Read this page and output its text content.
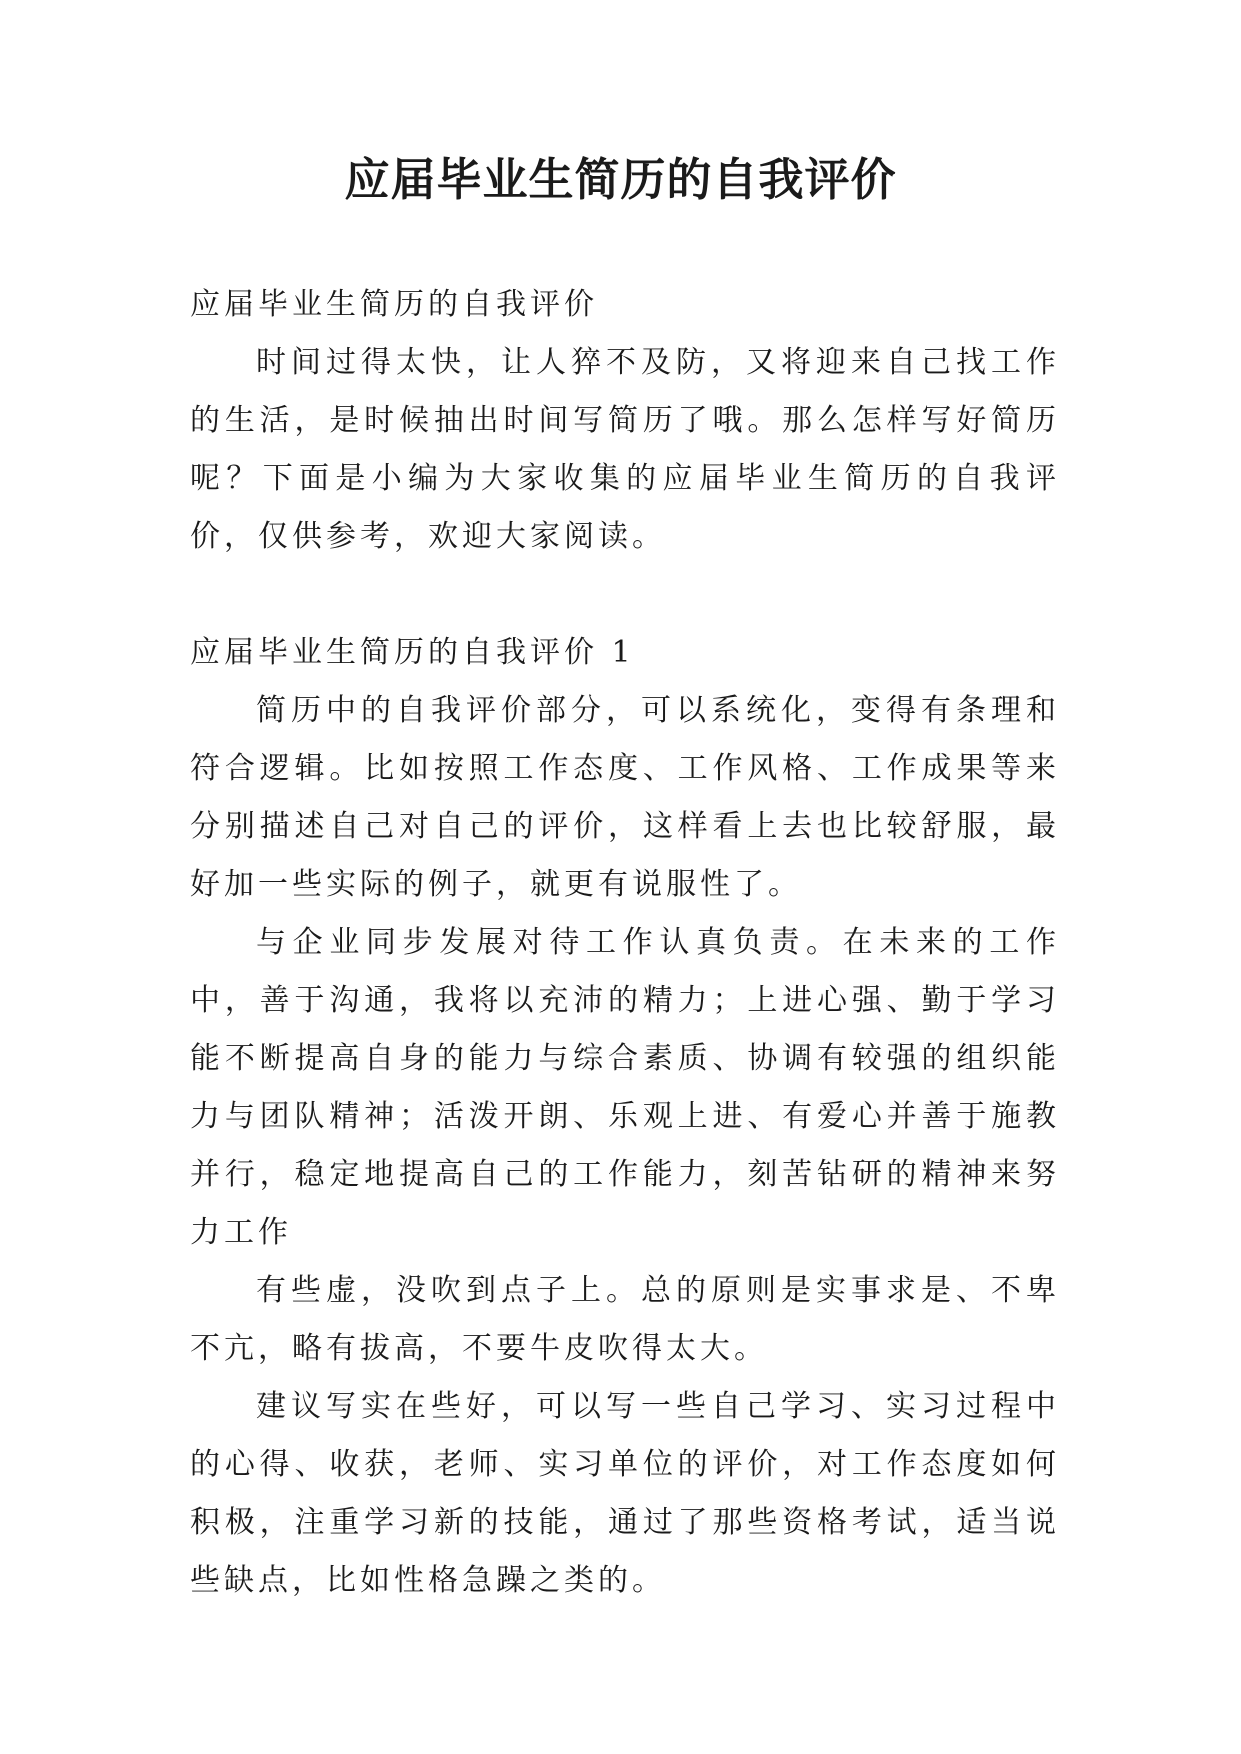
应届毕业生简历的自我评价

应届毕业生简历的自我评价

时间过得太快，让人猝不及防，又将迎来自己找工作的生活，是时候抽出时间写简历了哦。那么怎样写好简历呢？下面是小编为大家收集的应届毕业生简历的自我评价，仅供参考，欢迎大家阅读。

应届毕业生简历的自我评价 1

简历中的自我评价部分，可以系统化，变得有条理和符合逻辑。比如按照工作态度、工作风格、工作成果等来分别描述自己对自己的评价，这样看上去也比较舒服，最好加一些实际的例子，就更有说服性了。

与企业同步发展对待工作认真负责。在未来的工作中，善于沟通，我将以充沛的精力；上进心强、勤于学习能不断提高自身的能力与综合素质、协调有较强的组织能力与团队精神；活泼开朗、乐观上进、有爱心并善于施教并行，稳定地提高自己的工作能力，刻苦钻研的精神来努力工作

有些虚，没吹到点子上。总的原则是实事求是、不卑不亢，略有拔高，不要牛皮吹得太大。

建议写实在些好，可以写一些自己学习、实习过程中的心得、收获，老师、实习单位的评价，对工作态度如何积极，注重学习新的技能，通过了那些资格考试，适当说些缺点，比如性格急躁之类的。
